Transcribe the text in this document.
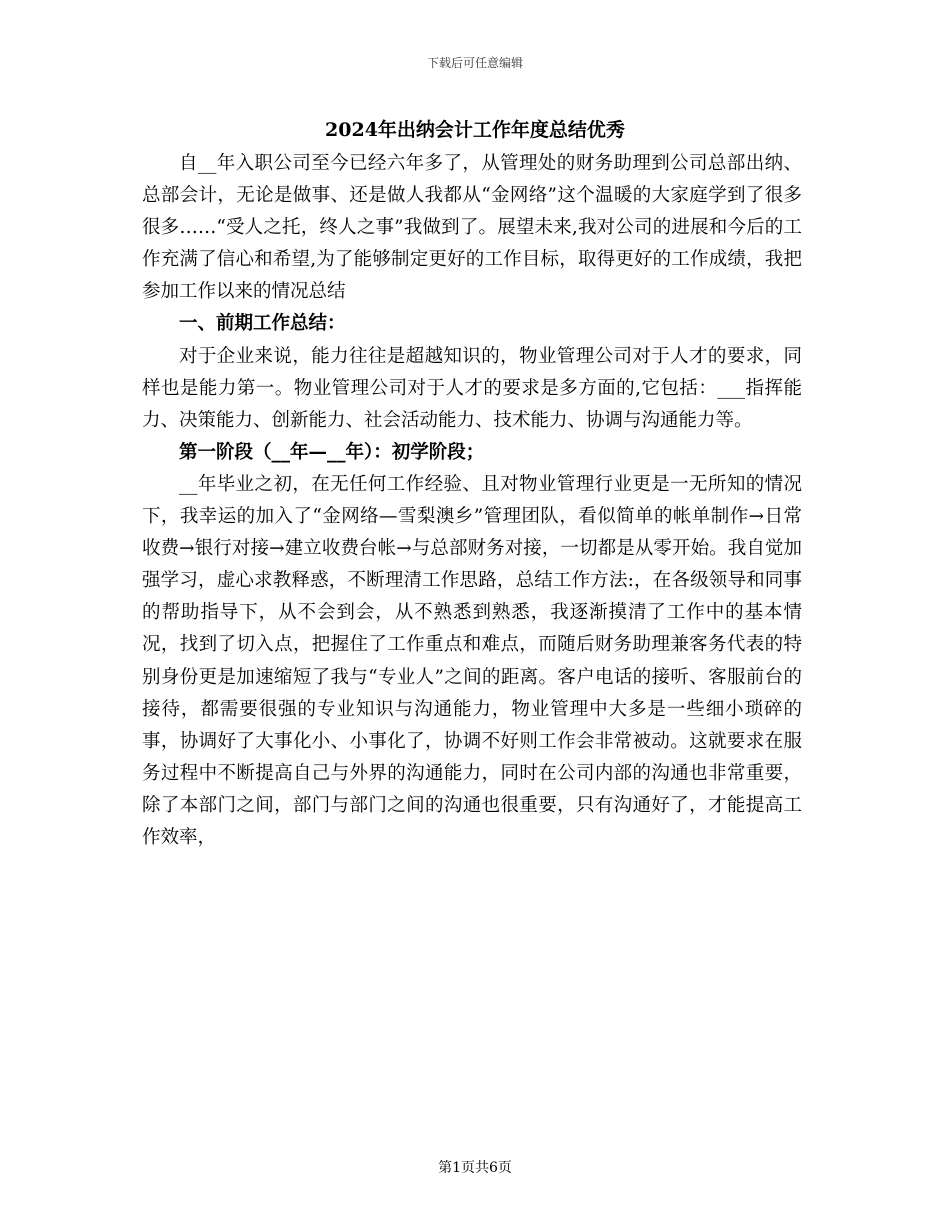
下载后可任意编辑
2024年出纳会计工作年度总结优秀

自__年入职公司至今已经六年多了，从管理处的财务助理到公司总部出纳、总部会计，无论是做事、还是做人我都从“金网络”这个温暖的大家庭学到了很多很多……“受人之托，终人之事”我做到了。展望未来,我对公司的进展和今后的工作充满了信心和希望,为了能够制定更好的工作目标，取得更好的工作成绩，我把参加工作以来的情况总结

一、前期工作总结：

对于企业来说，能力往往是超越知识的，物业管理公司对于人才的要求，同样也是能力第一。物业管理公司对于人才的要求是多方面的,它包括：___指挥能力、决策能力、创新能力、社会活动能力、技术能力、协调与沟通能力等。

第一阶段（__年—__年）：初学阶段；

__年毕业之初，在无任何工作经验、且对物业管理行业更是一无所知的情况下，我幸运的加入了“金网络—雪梨澳乡”管理团队，看似简单的帐单制作→日常收费→银行对接→建立收费台帐→与总部财务对接，一切都是从零开始。我自觉加强学习，虚心求教释惑，不断理清工作思路，总结工作方法:，在各级领导和同事的帮助指导下，从不会到会，从不熟悉到熟悉，我逐渐摸清了工作中的基本情况，找到了切入点，把握住了工作重点和难点，而随后财务助理兼客务代表的特别身份更是加速缩短了我与“专业人”之间的距离。客户电话的接听、客服前台的接待，都需要很强的专业知识与沟通能力，物业管理中大多是一些细小琐碎的事，协调好了大事化小、小事化了，协调不好则工作会非常被动。这就要求在服务过程中不断提高自己与外界的沟通能力，同时在公司内部的沟通也非常重要，除了本部门之间，部门与部门之间的沟通也很重要，只有沟通好了，才能提高工作效率，

第1页共6页
